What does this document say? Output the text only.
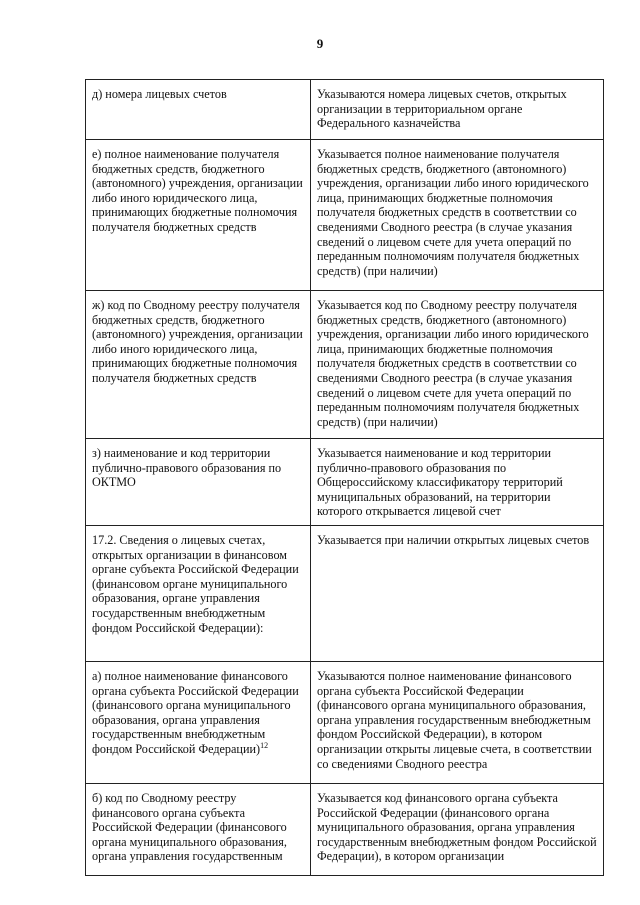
9
д) номера лицевых счетов	Указываются номера лицевых счетов, открытых организации в территориальном органе Федерального казначейства
е) полное наименование получателя бюджетных средств, бюджетного (автономного) учреждения, организации либо иного юридического лица, принимающих бюджетные полномочия получателя бюджетных средств	Указывается полное наименование получателя бюджетных средств, бюджетного (автономного) учреждения, организации либо иного юридического лица, принимающих бюджетные полномочия получателя бюджетных средств в соответствии со сведениями Сводного реестра (в случае указания сведений о лицевом счете для учета операций по переданным полномочиям получателя бюджетных средств) (при наличии)
ж) код по Сводному реестру получателя бюджетных средств, бюджетного (автономного) учреждения, организации либо иного юридического лица, принимающих бюджетные полномочия получателя бюджетных средств	Указывается код по Сводному реестру получателя бюджетных средств, бюджетного (автономного) учреждения, организации либо иного юридического лица, принимающих бюджетные полномочия получателя бюджетных средств в соответствии со сведениями Сводного реестра (в случае указания сведений о лицевом счете для учета операций по переданным полномочиям получателя бюджетных средств) (при наличии)
з) наименование и код территории публично-правового образования по ОКТМО	Указывается наименование и код территории публично-правового образования по Общероссийскому классификатору территорий муниципальных образований, на территории которого открывается лицевой счет
17.2. Сведения о лицевых счетах, открытых организации в финансовом органе субъекта Российской Федерации (финансовом органе муниципального образования, органе управления государственным внебюджетным фондом Российской Федерации):	Указывается при наличии открытых лицевых счетов
а) полное наименование финансового органа субъекта Российской Федерации (финансового органа муниципального образования, органа управления государственным внебюджетным фондом Российской Федерации)$^{12}$	Указываются полное наименование финансового органа субъекта Российской Федерации (финансового органа муниципального образования, органа управления государственным внебюджетным фондом Российской Федерации), в котором организации открыты лицевые счета, в соответствии со сведениями Сводного реестра
б) код по Сводному реестру финансового органа субъекта Российской Федерации (финансового органа муниципального образования, органа управления государственным	Указывается код финансового органа субъекта Российской Федерации (финансового органа муниципального образования, органа управления государственным внебюджетным фондом Российской Федерации), в котором организации
